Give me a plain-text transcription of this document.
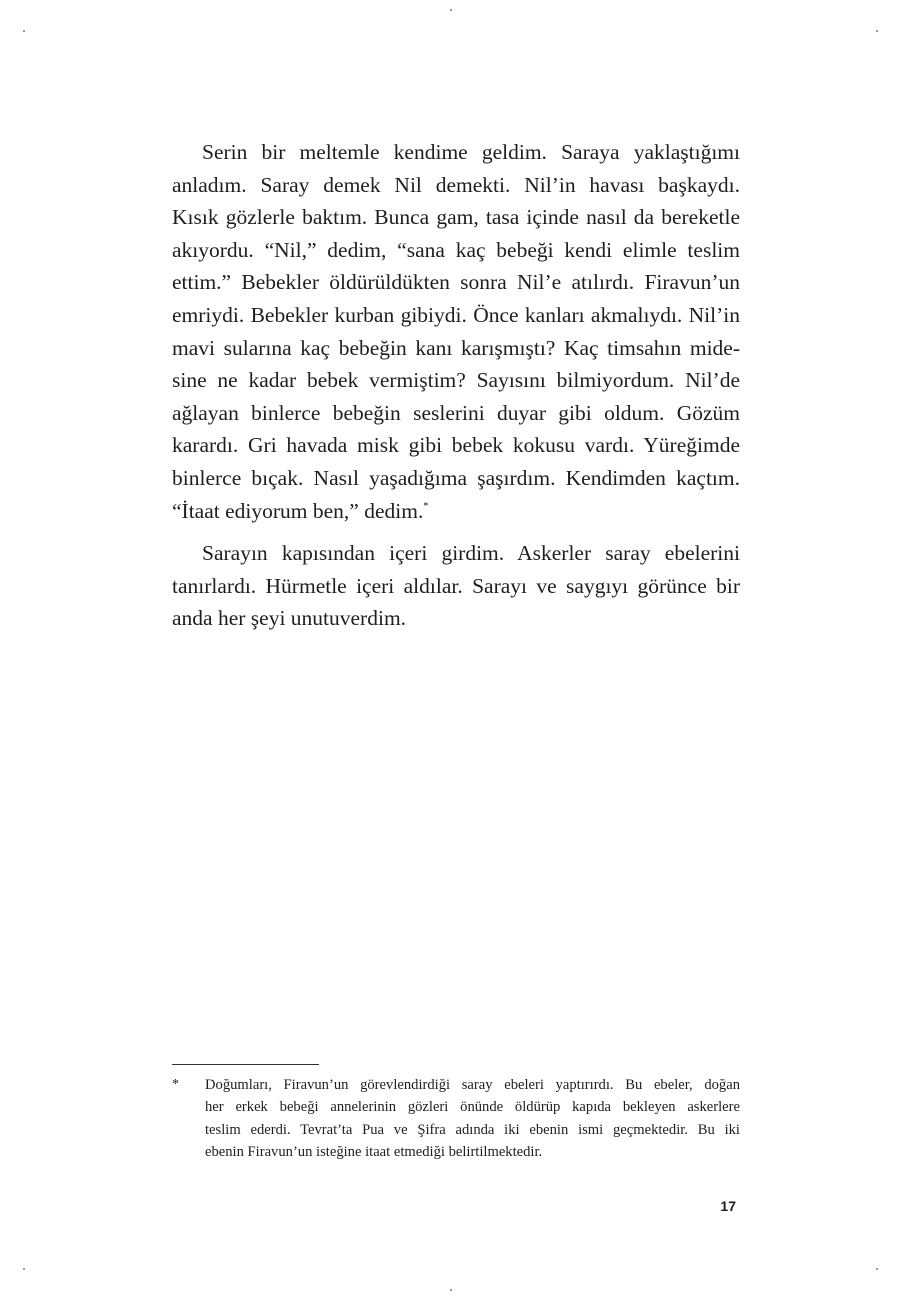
Serin bir meltemle kendime geldim. Saraya yaklaştığımı
anladım. Saray demek Nil demekti. Nil’in havası başkaydı.
Kısık gözlerle baktım. Bunca gam, tasa içinde nasıl da bereketle
akıyordu. “Nil,” dedim, “sana kaç bebeği kendi elimle teslim
ettim.” Bebekler öldürüldükten sonra Nil’e atılırdı. Firavun’un
emriydi. Bebekler kurban gibiydi. Önce kanları akmalıydı. Nil’in
mavi sularına kaç bebeğin kanı karışmıştı? Kaç timsahın mide-
sine ne kadar bebek vermiştim? Sayısını bilmiyordum. Nil’de
ağlayan binlerce bebeğin seslerini duyar gibi oldum. Gözüm
karardı. Gri havada misk gibi bebek kokusu vardı. Yüreğimde
binlerce bıçak. Nasıl yaşadığıma şaşırdım. Kendimden kaçtım.
“İtaat ediyorum ben,” dedim.*
Sarayın kapısından içeri girdim. Askerler saray ebelerini
tanırlardı. Hürmetle içeri aldılar. Sarayı ve saygıyı görünce bir
anda her şeyi unutuverdim.
* Doğumları, Firavun’un görevlendirdiği saray ebeleri yaptırırdı. Bu ebeler, doğan
her erkek bebeği annelerinin gözleri önünde öldürüp kapıda bekleyen askerlere
teslim ederdi. Tevrat’ta Pua ve Şifra adında iki ebenin ismi geçmektedir. Bu iki
ebenin Firavun’un isteğine itaat etmediği belirtilmektedir.
17
